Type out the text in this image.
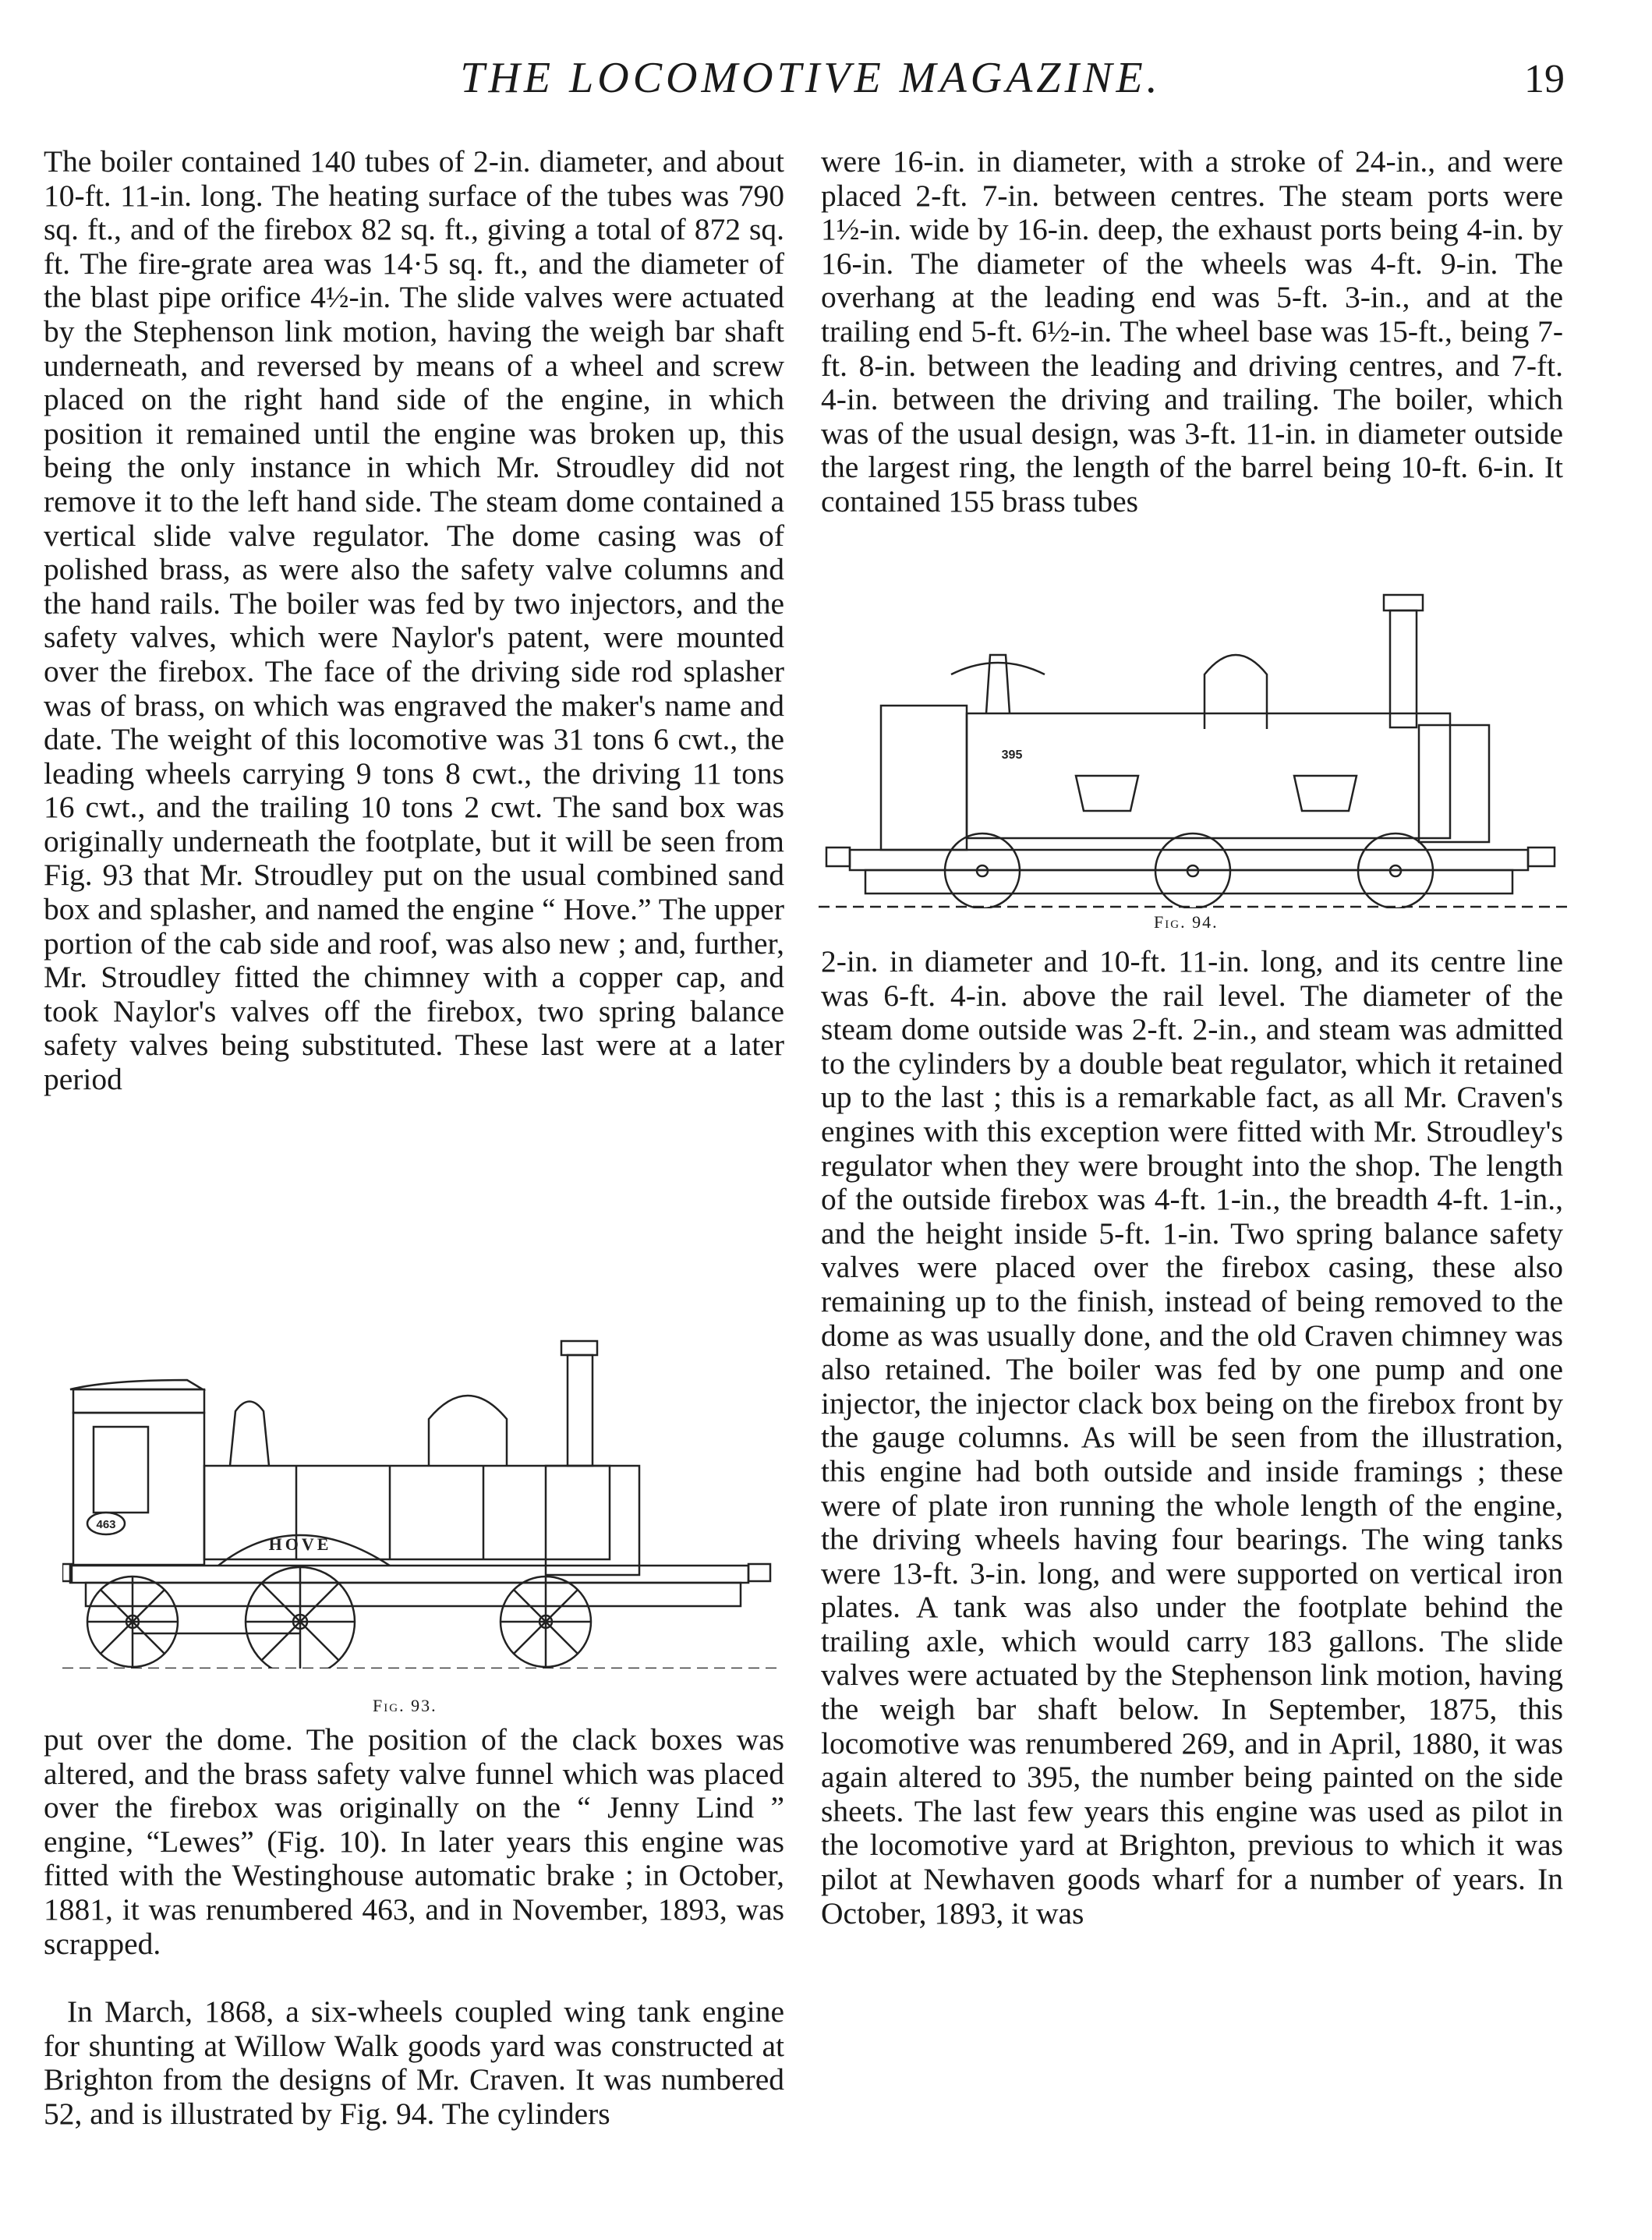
THE LOCOMOTIVE MAGAZINE.	19

The boiler contained 140 tubes of 2-in. diameter, and about 10-ft. 11-in. long. The heating surface of the tubes was 790 sq. ft., and of the firebox 82 sq. ft., giving a total of 872 sq. ft. The fire-grate area was 14·5 sq. ft., and the diameter of the blast pipe orifice 4½-in. The slide valves were actuated by the Stephenson link motion, having the weigh bar shaft underneath, and reversed by means of a wheel and screw placed on the right hand side of the engine, in which position it remained until the engine was broken up, this being the only instance in which Mr. Stroudley did not remove it to the left hand side. The steam dome contained a vertical slide valve regulator. The dome casing was of polished brass, as were also the safety valve columns and the hand rails. The boiler was fed by two injectors, and the safety valves, which were Naylor's patent, were mounted over the firebox. The face of the driving side rod splasher was of brass, on which was engraved the maker's name and date. The weight of this locomotive was 31 tons 6 cwt., the leading wheels carrying 9 tons 8 cwt., the driving 11 tons 16 cwt., and the trailing 10 tons 2 cwt. The sand box was originally underneath the footplate, but it will be seen from Fig. 93 that Mr. Stroudley put on the usual combined sand box and splasher, and named the engine “ Hove.” The upper portion of the cab side and roof, was also new ; and, further, Mr. Stroudley fitted the chimney with a copper cap, and took Naylor's valves off the firebox, two spring balance safety valves being substituted. These last were at a later period

463
HOVE
Fig. 93.

put over the dome. The position of the clack boxes was altered, and the brass safety valve funnel which was placed over the firebox was originally on the “ Jenny Lind ” engine, “Lewes” (Fig. 10). In later years this engine was fitted with the Westinghouse automatic brake ; in October, 1881, it was renumbered 463, and in November, 1893, was scrapped.

In March, 1868, a six-wheels coupled wing tank engine for shunting at Willow Walk goods yard was constructed at Brighton from the designs of Mr. Craven. It was numbered 52, and is illustrated by Fig. 94. The cylinders

were 16-in. in diameter, with a stroke of 24-in., and were placed 2-ft. 7-in. between centres. The steam ports were 1½-in. wide by 16-in. deep, the exhaust ports being 4-in. by 16-in. The diameter of the wheels was 4-ft. 9-in. The overhang at the leading end was 5-ft. 3-in., and at the trailing end 5-ft. 6½-in. The wheel base was 15-ft., being 7-ft. 8-in. between the leading and driving centres, and 7-ft. 4-in. between the driving and trailing. The boiler, which was of the usual design, was 3-ft. 11-in. in diameter outside the largest ring, the length of the barrel being 10-ft. 6-in. It contained 155 brass tubes

395
Fig. 94.

2-in. in diameter and 10-ft. 11-in. long, and its centre line was 6-ft. 4-in. above the rail level. The diameter of the steam dome outside was 2-ft. 2-in., and steam was admitted to the cylinders by a double beat regulator, which it retained up to the last ; this is a remarkable fact, as all Mr. Craven's engines with this exception were fitted with Mr. Stroudley's regulator when they were brought into the shop. The length of the outside firebox was 4-ft. 1-in., the breadth 4-ft. 1-in., and the height inside 5-ft. 1-in. Two spring balance safety valves were placed over the firebox casing, these also remaining up to the finish, instead of being removed to the dome as was usually done, and the old Craven chimney was also retained. The boiler was fed by one pump and one injector, the injector clack box being on the firebox front by the gauge columns. As will be seen from the illustration, this engine had both outside and inside framings ; these were of plate iron running the whole length of the engine, the driving wheels having four bearings. The wing tanks were 13-ft. 3-in. long, and were supported on vertical iron plates. A tank was also under the footplate behind the trailing axle, which would carry 183 gallons. The slide valves were actuated by the Stephenson link motion, having the weigh bar shaft below. In September, 1875, this locomotive was renumbered 269, and in April, 1880, it was again altered to 395, the number being painted on the side sheets. The last few years this engine was used as pilot in the locomotive yard at Brighton, previous to which it was pilot at Newhaven goods wharf for a number of years. In October, 1893, it was
